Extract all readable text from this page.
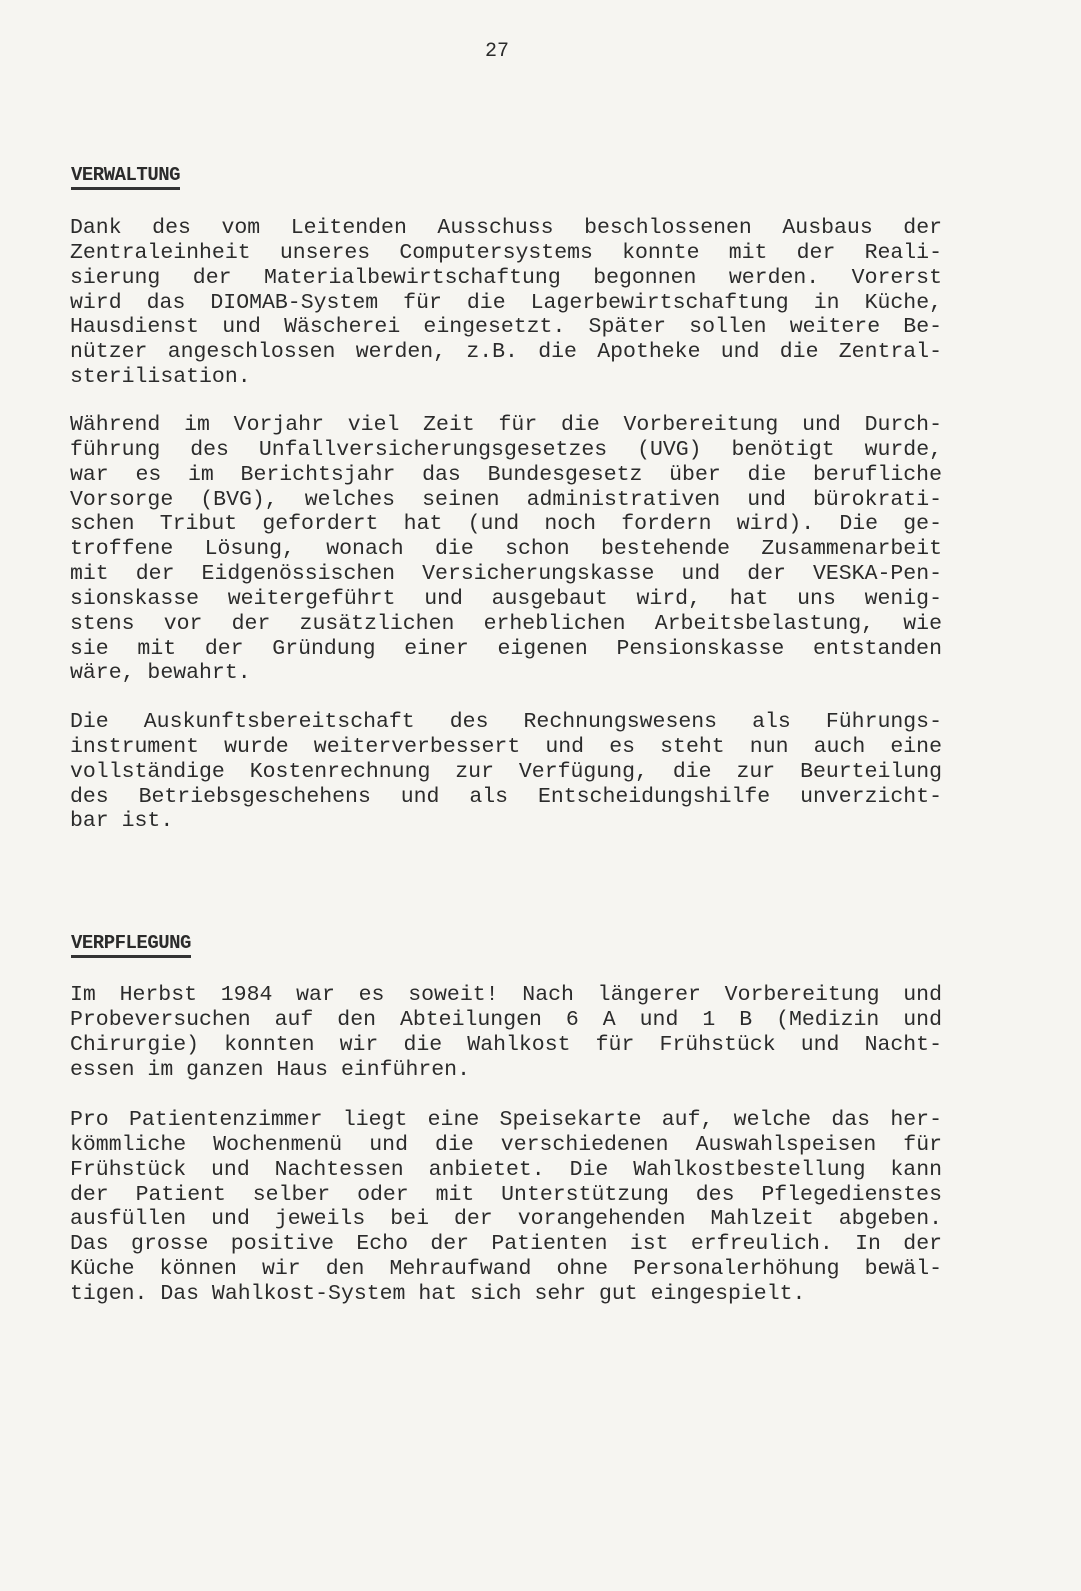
27
VERWALTUNG
Dank des vom Leitenden Ausschuss beschlossenen Ausbaus der
Zentraleinheit unseres Computersystems konnte mit der Reali-
sierung der Materialbewirtschaftung begonnen werden. Vorerst
wird das DIOMAB-System für die Lagerbewirtschaftung in Küche,
Hausdienst und Wäscherei eingesetzt. Später sollen weitere Be-
nützer angeschlossen werden, z.B. die Apotheke und die Zentral-
sterilisation.
Während im Vorjahr viel Zeit für die Vorbereitung und Durch-
führung des Unfallversicherungsgesetzes (UVG) benötigt wurde,
war es im Berichtsjahr das Bundesgesetz über die berufliche
Vorsorge (BVG), welches seinen administrativen und bürokrati-
schen Tribut gefordert hat (und noch fordern wird). Die ge-
troffene Lösung, wonach die schon bestehende Zusammenarbeit
mit der Eidgenössischen Versicherungskasse und der VESKA-Pen-
sionskasse weitergeführt und ausgebaut wird, hat uns wenig-
stens vor der zusätzlichen erheblichen Arbeitsbelastung, wie
sie mit der Gründung einer eigenen Pensionskasse entstanden
wäre, bewahrt.
Die Auskunftsbereitschaft des Rechnungswesens als Führungs-
instrument wurde weiterverbessert und es steht nun auch eine
vollständige Kostenrechnung zur Verfügung, die zur Beurteilung
des Betriebsgeschehens und als Entscheidungshilfe unverzicht-
bar ist.
VERPFLEGUNG
Im Herbst 1984 war es soweit! Nach längerer Vorbereitung und
Probeversuchen auf den Abteilungen 6 A und 1 B (Medizin und
Chirurgie) konnten wir die Wahlkost für Frühstück und Nacht-
essen im ganzen Haus einführen.
Pro Patientenzimmer liegt eine Speisekarte auf, welche das her-
kömmliche Wochenmenü und die verschiedenen Auswahlspeisen für
Frühstück und Nachtessen anbietet. Die Wahlkostbestellung kann
der Patient selber oder mit Unterstützung des Pflegedienstes
ausfüllen und jeweils bei der vorangehenden Mahlzeit abgeben.
Das grosse positive Echo der Patienten ist erfreulich. In der
Küche können wir den Mehraufwand ohne Personalerhöhung bewäl-
tigen. Das Wahlkost-System hat sich sehr gut eingespielt.
